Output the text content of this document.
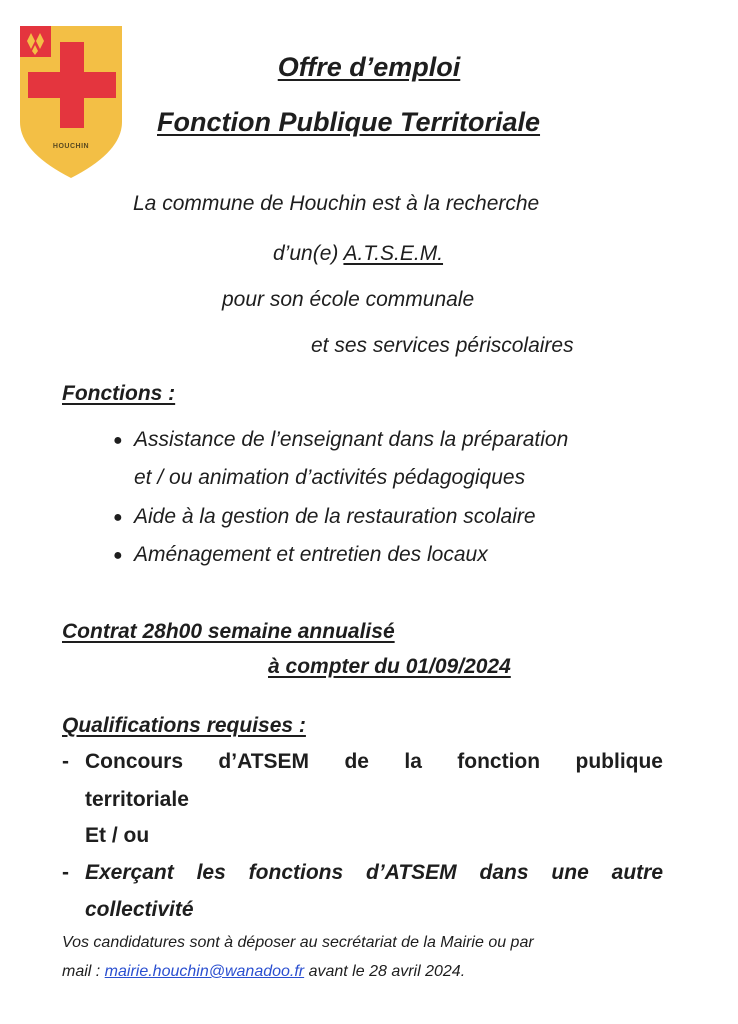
HOUCHIN
Offre d’emploi
Fonction Publique Territoriale
La commune de Houchin est à la recherche
d’un(e) A.T.S.E.M.
pour son école communale
et ses services périscolaires
Fonctions :
● Assistance de l’enseignant dans la préparation
et / ou animation d’activités pédagogiques
● Aide à la gestion de la restauration scolaire
● Aménagement et entretien des locaux
Contrat 28h00 semaine annualisé
à compter du 01/09/2024
Qualifications requises :
- Concours d’ATSEM de la fonction publique
territoriale
Et / ou
- Exerçant les fonctions d’ATSEM dans une autre
collectivité
Vos candidatures sont à déposer au secrétariat de la Mairie ou par
mail : mairie.houchin@wanadoo.fr avant le 28 avril 2024.
